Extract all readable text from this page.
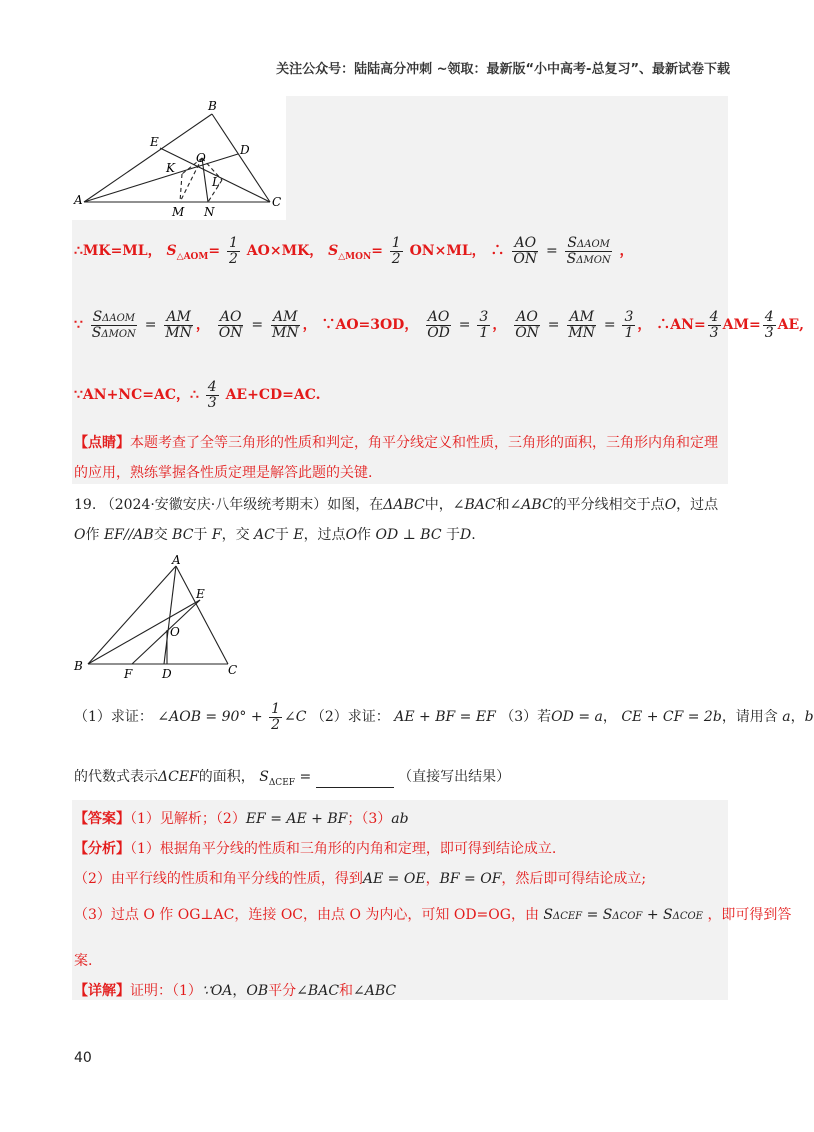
关注公众号：陆陆高分冲刺 ~领取：最新版“小中高考-总复习”、最新试卷下载
A
B
C
D
E
O
K
L
M N
∴MK=ML， $S_{\triangle AOM}= \frac{1}{2} AO\times MK$， $S_{\triangle MON}= \frac{1}{2} ON\times ML$， ∴ $\frac{AO}{ON} = \frac{\text{SΔAOM}}{\text{SΔMON}}$ ，
∵ $\frac{\text{SΔAOM}}{\text{SΔMON}} = \frac{AM}{MN}$ ， $\frac{AO}{ON} = \frac{AM}{MN}$ ， ∵AO=3OD， $\frac{AO}{OD} = \frac{3}{1}$ ， $\frac{AO}{ON} = \frac{AM}{MN} = \frac{3}{1}$ ， ∴AN= $\frac{4}{3} AM= \frac{4}{3}$ AE,
∵AN+NC=AC，∴ $\frac{4}{3} AE+CD=AC$.
【点睛】本题考查了全等三角形的性质和判定，角平分线定义和性质，三角形的面积，三角形内角和定理的应用，熟练掌握各性质定理是解答此题的关键.
19. （2024·安徽安庆·八年级统考期末）如图，在ΔABC中，∠BAC和∠ABC的平分线相交于点O，过点
O作 EF//AB交 BC于 F，交 AC于 E，过点O作 OD ⊥ BC 于D.
A
B	C
D
E
F
O
（1）求证： ∠AOB = $90^\circ + \frac{1}{2}$ ∠C （2）求证： AE + BF = EF （3）若OD = a， CE + CF = 2b，请用含 a，b
的代数式表示ΔCEF的面积， $S_{\Delta CEF}$ =	（直接写出结果）
【答案】（1）见解析；（2）EF = AE + BF；（3）ab
【分析】（1）根据角平分线的性质和三角形的内角和定理，即可得到结论成立.
（2）由平行线的性质和角平分线的性质，得到AE = OE，BF = OF，然后即可得结论成立;
（3）过点 O 作 OG⊥AC，连接 OC，由点 O 为内心，可知 OD=OG，由 SΔCEF = SΔCOF + SΔCOE ，即可得到答
案.
【详解】证明：（1）∵OA，OB平分∠BAC和∠ABC
40
